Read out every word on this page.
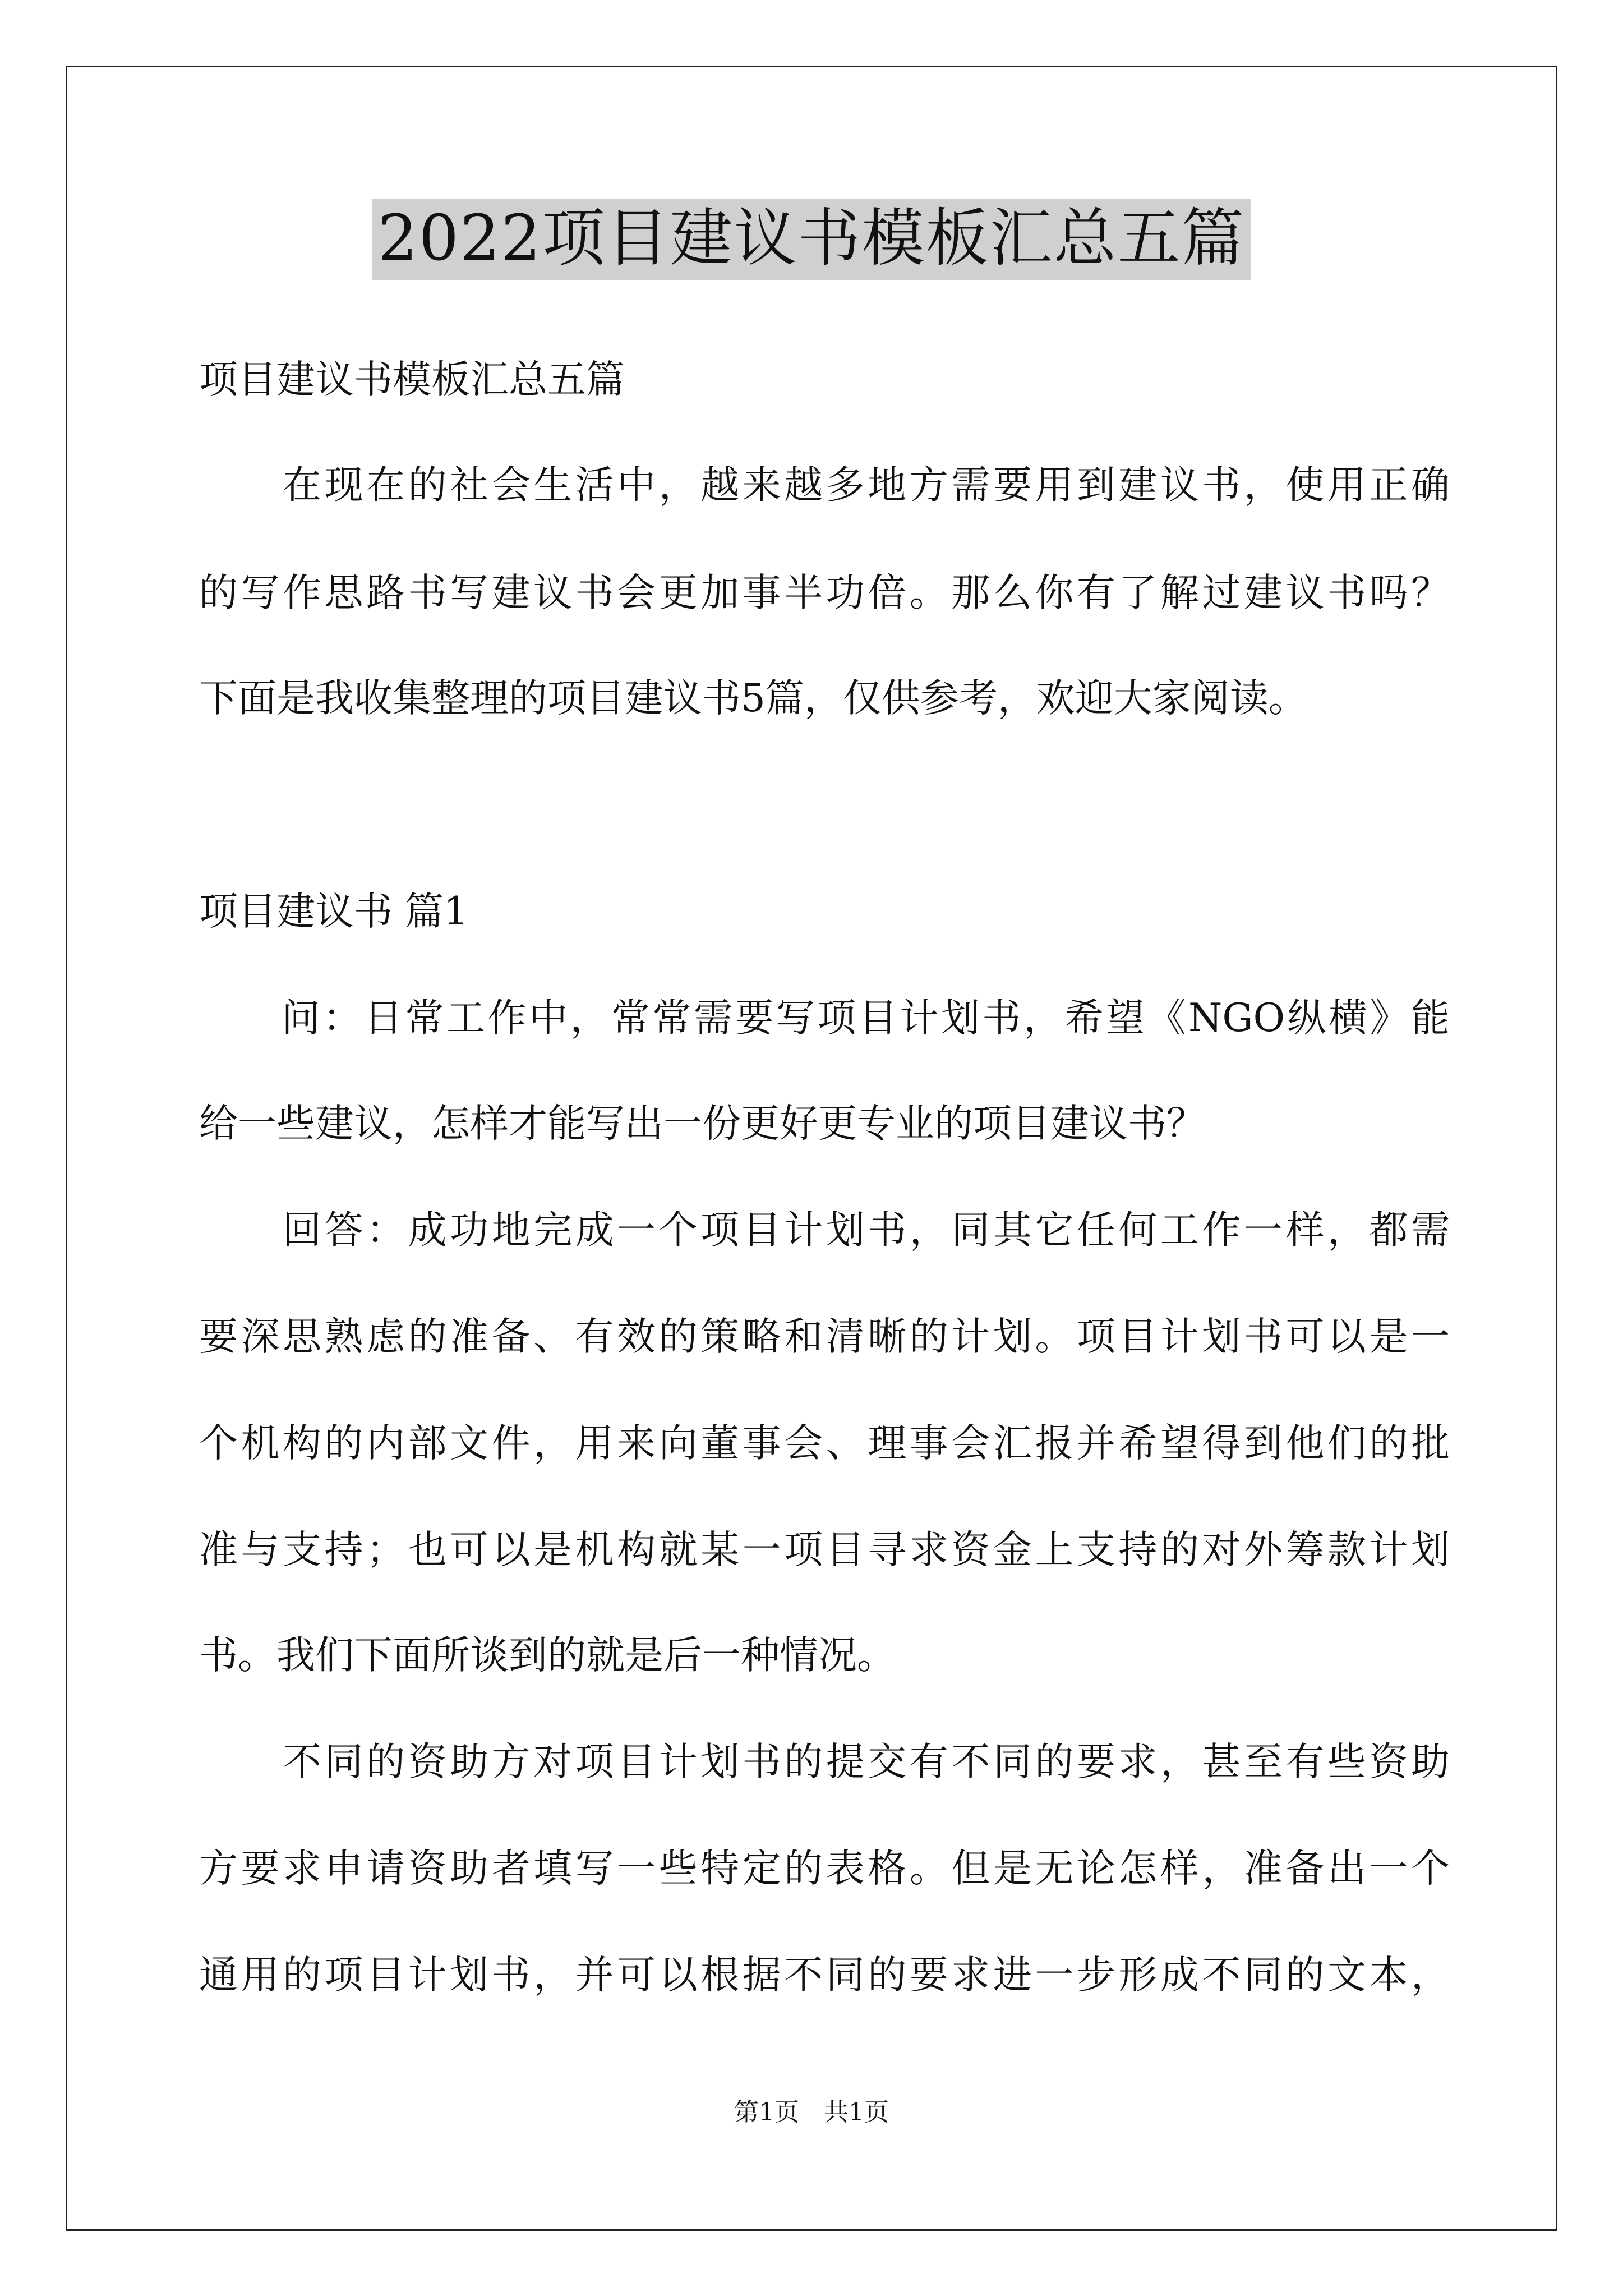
2022项目建议书模板汇总五篇
项目建议书模板汇总五篇
　　在现在的社会生活中，越来越多地方需要用到建议书，使用正确
的写作思路书写建议书会更加事半功倍。那么你有了解过建议书吗？
下面是我收集整理的项目建议书5篇，仅供参考，欢迎大家阅读。
项目建议书 篇1
　　问：日常工作中，常常需要写项目计划书，希望《NGO纵横》能
给一些建议，怎样才能写出一份更好更专业的项目建议书？
　　回答：成功地完成一个项目计划书，同其它任何工作一样，都需
要深思熟虑的准备、有效的策略和清晰的计划。项目计划书可以是一
个机构的内部文件，用来向董事会、理事会汇报并希望得到他们的批
准与支持；也可以是机构就某一项目寻求资金上支持的对外筹款计划
书。我们下面所谈到的就是后一种情况。
　　不同的资助方对项目计划书的提交有不同的要求，甚至有些资助
方要求申请资助者填写一些特定的表格。但是无论怎样，准备出一个
通用的项目计划书，并可以根据不同的要求进一步形成不同的文本，
第1页　共1页
